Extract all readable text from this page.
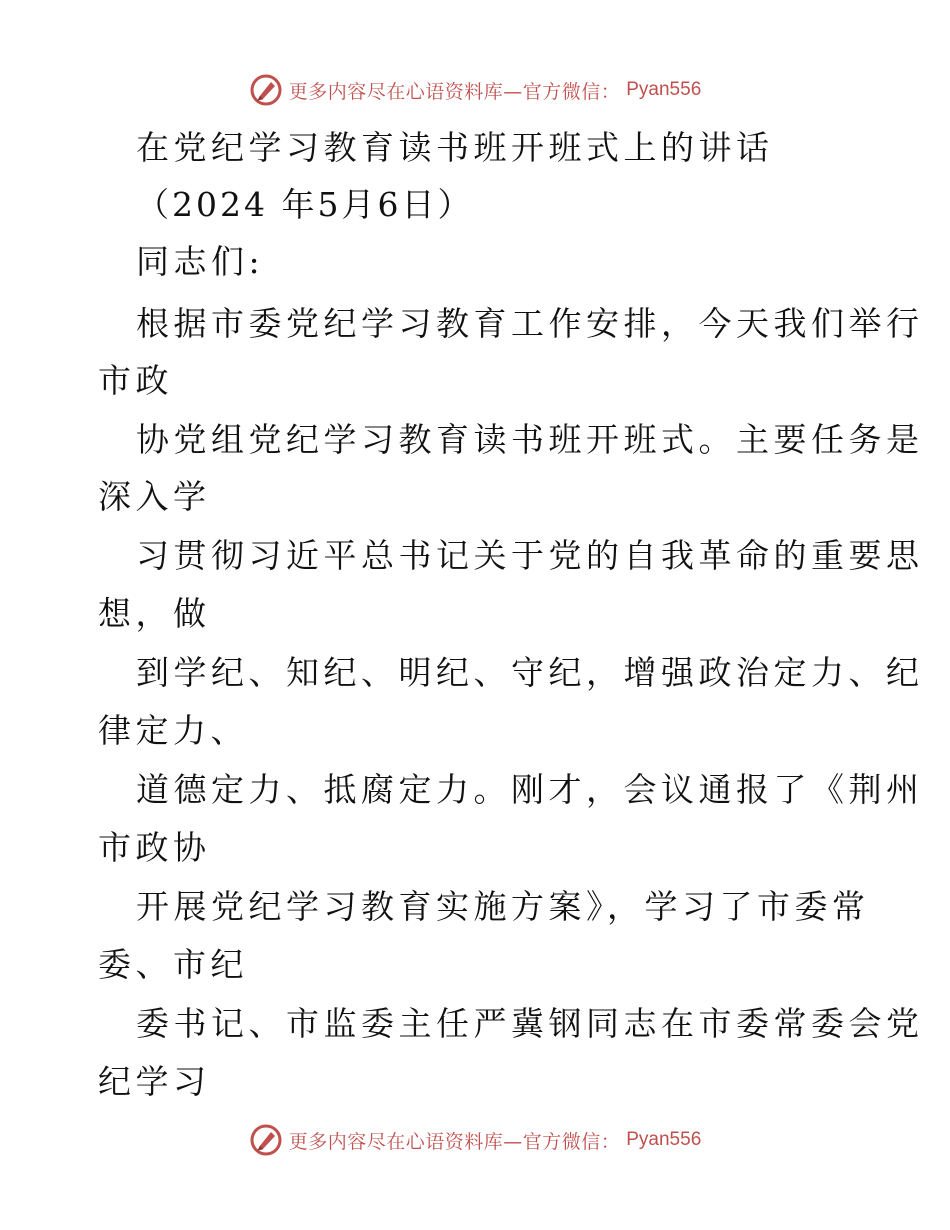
更多内容尽在心语资料库—官方微信： Pyan556
在党纪学习教育读书班开班式上的讲话
（2024 年5月6日）
同志们:
根据市委党纪学习教育工作安排，今天我们举行
市政
协党组党纪学习教育读书班开班式。主要任务是
深入学
习贯彻习近平总书记关于党的自我革命的重要思
想，做
到学纪、知纪、明纪、守纪，增强政治定力、纪
律定力、
道德定力、抵腐定力。刚才，会议通报了《荆州
市政协
开展党纪学习教育实施方案》，学习了市委常
委、市纪
委书记、市监委主任严冀钢同志在市委常委会党
纪学习
更多内容尽在心语资料库—官方微信： Pyan556
